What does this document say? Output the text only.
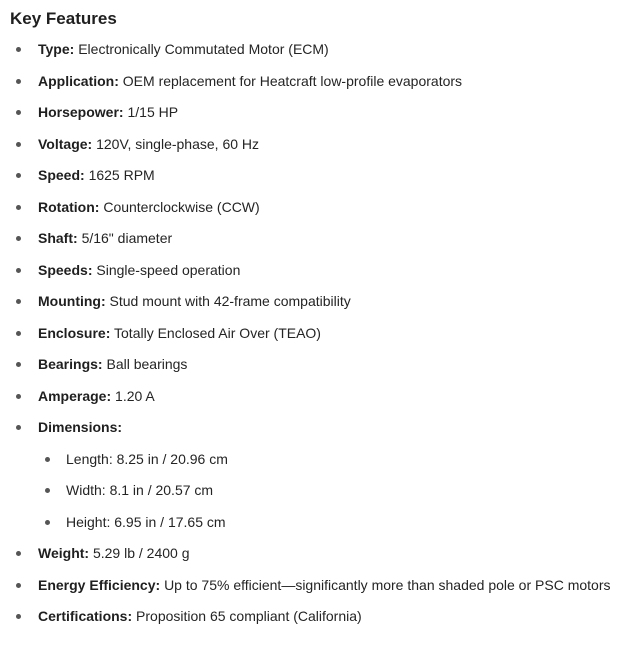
Key Features
Type: Electronically Commutated Motor (ECM)
Application: OEM replacement for Heatcraft low-profile evaporators
Horsepower: 1/15 HP
Voltage: 120V, single-phase, 60 Hz
Speed: 1625 RPM
Rotation: Counterclockwise (CCW)
Shaft: 5/16" diameter
Speeds: Single-speed operation
Mounting: Stud mount with 42-frame compatibility
Enclosure: Totally Enclosed Air Over (TEAO)
Bearings: Ball bearings
Amperage: 1.20 A
Dimensions:
Length: 8.25 in / 20.96 cm
Width: 8.1 in / 20.57 cm
Height: 6.95 in / 17.65 cm
Weight: 5.29 lb / 2400 g
Energy Efficiency: Up to 75% efficient—significantly more than shaded pole or PSC motors
Certifications: Proposition 65 compliant (California)
